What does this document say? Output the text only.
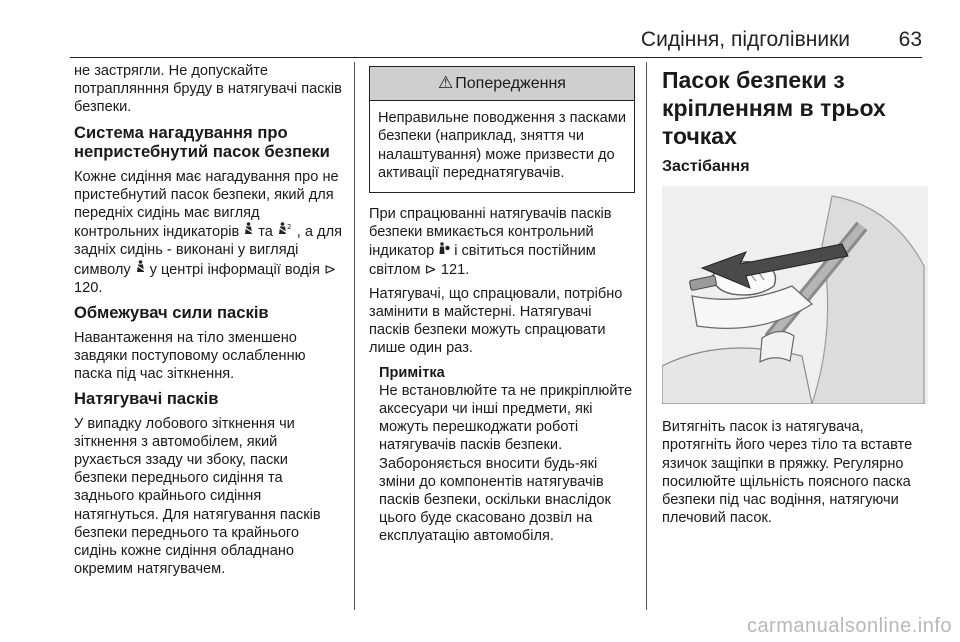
Сидіння, підголівники 63

не застрягли. Не допускайте потраплянння бруду в натягувачі пасків безпеки.

Система нагадування про непристебнутий пасок безпеки

Кожне сидіння має нагадування про не пристебнутий пасок безпеки, який для передніх сидінь має вигляд контрольних індикаторів та 2 , а для задніх сидінь - виконані у вигляді символу у центрі інформації водія ⊳ 120.

Обмежувач сили пасків

Навантаження на тіло зменшено завдяки поступовому ослабленню паска під час зіткнення.

Натягувачі пасків

У випадку лобового зіткнення чи зіткнення з автомобілем, який рухається ззаду чи збоку, паски безпеки переднього сидіння та заднього крайнього сидіння натягнуться. Для натягування пасків безпеки переднього та крайнього сидінь кожне сидіння обладнано окремим натягувачем.

⚠ Попередження
Неправильне поводження з пасками безпеки (наприклад, зняття чи налаштування) може призвести до активації переднатягувачів.

При спрацюванні натягувачів пасків безпеки вмикається контрольний індикатор і світиться постійним світлом ⊳ 121.

Натягувачі, що спрацювали, потрібно замінити в майстерні. Натягувачі пасків безпеки можуть спрацювати лише один раз.

Примітка

Не встановлюйте та не прикріплюйте аксесуари чи інші предмети, які можуть перешкоджати роботі натягувачів пасків безпеки. Забороняється вносити будь-які зміни до компонентів натягувачів пасків безпеки, оскільки внаслідок цього буде скасовано дозвіл на експлуатацію автомобіля.

Пасок безпеки з кріпленням в трьох точках
Застібання

Витягніть пасок із натягувача, протягніть його через тіло та вставте язичок защіпки в пряжку. Регулярно посилюйте щільність поясного паска безпеки під час водіння, натягуючи плечовий пасок.

carmanualsonline.info
